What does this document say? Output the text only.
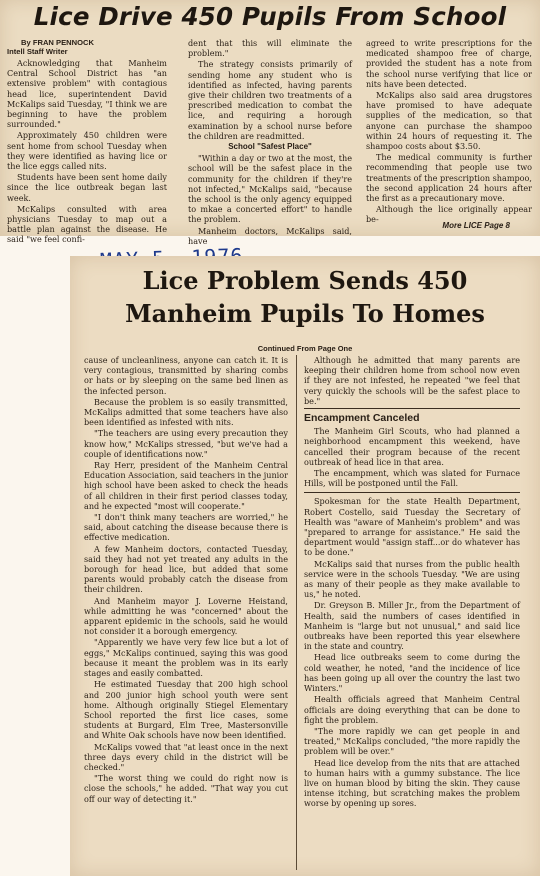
Lice Drive 450 Pupils From School

By FRAN PENNOCK
Intell Staff Writer

Acknowledging that Manheim Central School District has "an extensive problem" with contagious head lice, superintendent David McKalips said Tuesday, "I think we are beginning to have the problem surrounded."

Approximately 450 children were sent home from school Tuesday when they were identified as having lice or the lice eggs called nits.

Students have been sent home daily since the lice outbreak began last week.

McKalips consulted with area physicians Tuesday to map out a battle plan against the disease. He said "we feel confi-

dent that this will eliminate the problem."

The strategy consists primarily of sending home any student who is identified as infected, having parents give their children two treatments of a prescribed medication to combat the lice, and requiring a horough examination by a school nurse before the children are readmitted.

School "Safest Place"

"Within a day or two at the most, the school will be the safest place in the community for the children if they're not infected," McKalips said, "because the school is the only agency equipped to mkae a concerted effort" to handle the problem.

Manheim doctors, McKalips said, have

agreed to write prescriptions for the medicated shampoo free of charge, provided the student has a note from the school nurse verifying that lice or nits have been detected.

McKalips also said area drugstores have promised to have adequate supplies of the medication, so that anyone can purchase the shampoo within 24 hours of requesting it. The shampoo costs about $3.50.

The medical community is further recommending that people use two treatments of the prescription shampoo, the second application 24 hours after the first as a precautionary move.

Although the lice originally appear be-

More LICE Page 8
Lice Problem Sends 450
Manheim Pupils To Homes
Continued From Page One

cause of uncleanliness, anyone can catch it. It is very contagious, transmitted by sharing combs or hats or by sleeping on the same bed linen as the infected person.

Because the problem is so easily transmitted, McKalips admitted that some teachers have also been identified as infested with nits.

"The teachers are using every precaution they know how," McKalips stressed, "but we've had a couple of identifications now."

Ray Herr, president of the Manheim Central Education Association, said teachers in the junior high school have been asked to check the heads of all children in their first period classes today, and he expected "most will cooperate."

"I don't think many teachers are worried," he said, about catching the disease because there is effective medication.

A few Manheim doctors, contacted Tuesday, said they had not yet treated any adults in the borough for head lice, but added that some parents would probably catch the disease from their children.

And Manheim mayor J. Loverne Heistand, while admitting he was "concerned" about the apparent epidemic in the schools, said he would not consider it a borough emergency.

"Apparently we have very few lice but a lot of eggs," McKalips continued, saying this was good because it meant the problem was in its early stages and easily combatted.

He estimated Tuesday that 200 high school and 200 junior high school youth were sent home. Although originally Stiegel Elementary School reported the first lice cases, some students at Burgard, Elm Tree, Mastersonville and White Oak schools have now been identified.

McKalips vowed that "at least once in the next three days every child in the district will be checked."

"The worst thing we could do right now is close the schools," he added. "That way you cut off our way of detecting it."

Although he admitted that many parents are keeping their children home from school now even if they are not infested, he repeated "we feel that very quickly the schools will be the safest place to be."

Encampment Canceled

The Manheim Girl Scouts, who had planned a neighborhood encampment this weekend, have cancelled their program because of the recent outbreak of head lice in that area.

The encampment, which was slated for Furnace Hills, will be postponed until the Fall.

Spokesman for the state Health Department, Robert Costello, said Tuesday the Secretary of Health was "aware of Manheim's problem" and was "prepared to arrange for assistance." He said the department would "assign staff...or do whatever has to be done."

McKalips said that nurses from the public health service were in the schools Tuesday. "We are using as many of their people as they make available to us," he noted.

Dr. Greyson B. Miller Jr., from the Department of Health, said the numbers of cases identified in Manheim is "large but not unusual," and said lice outbreaks have been reported this year elsewhere in the state and country.

Head lice outbreaks seem to come during the cold weather, he noted, "and the incidence of lice has been going up all over the country the last two Winters."

Health officials agreed that Manheim Central officials are doing everything that can be done to fight the problem.

"The more rapidly we can get people in and treated," McKalips concluded, "the more rapidly the problem will be over."

Head lice develop from the nits that are attached to human hairs with a gummy substance. The lice live on human blood by biting the skin. They cause intense itching, but scratching makes the problem worse by opening up sores.
